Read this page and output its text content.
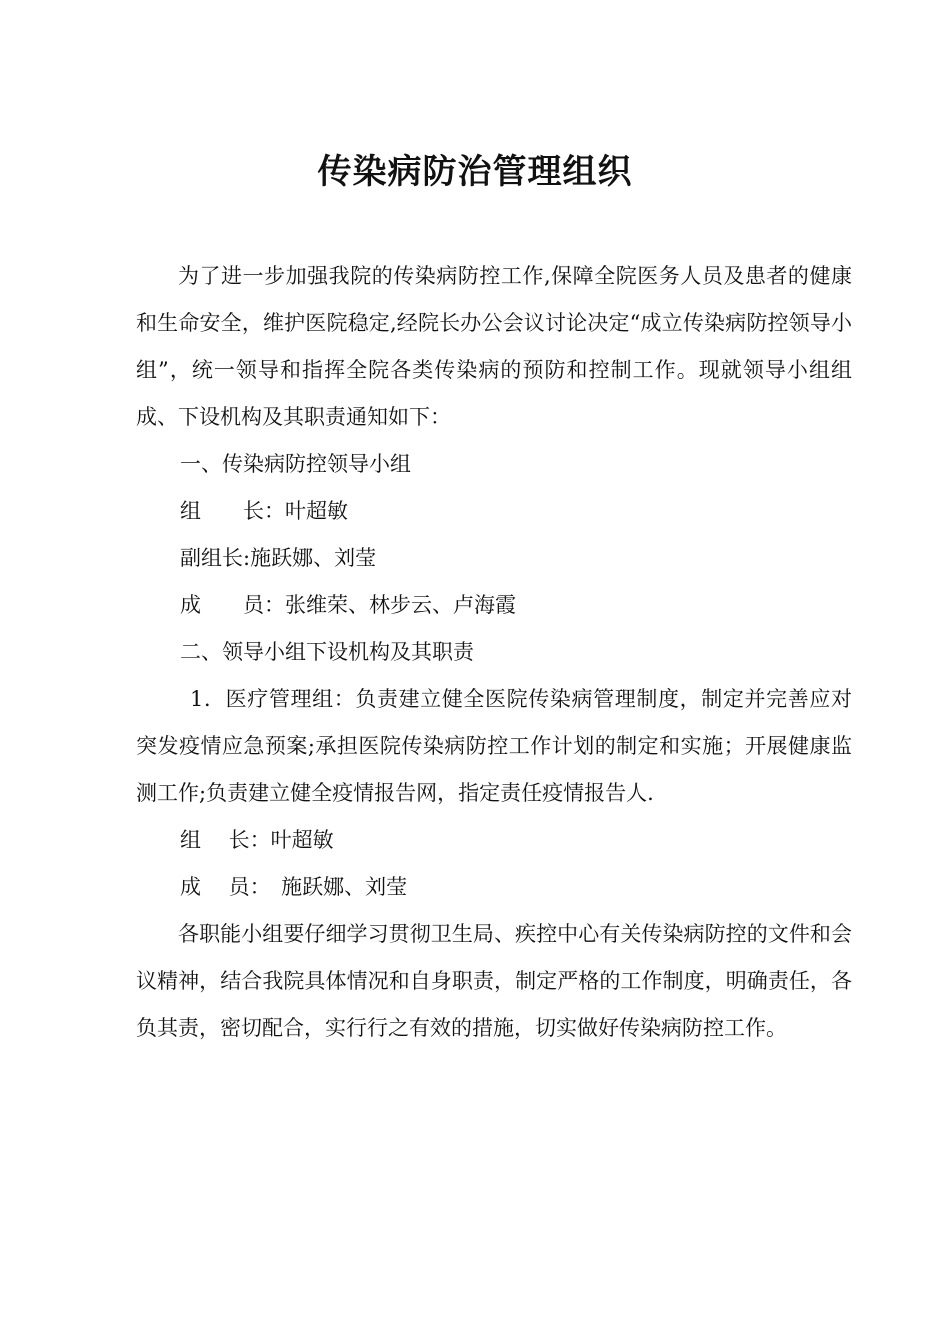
传染病防治管理组织

为了进一步加强我院的传染病防控工作,保障全院医务人员及患者的健康和生命安全，维护医院稳定,经院长办公会议讨论决定“成立传染病防控领导小组”，统一领导和指挥全院各类传染病的预防和控制工作。现就领导小组组成、下设机构及其职责通知如下：

一、传染病防控领导小组

组　　长：叶超敏

副组长:施跃娜、刘莹

成　　员：张维荣、林步云、卢海霞

二、领导小组下设机构及其职责

1．医疗管理组：负责建立健全医院传染病管理制度，制定并完善应对突发疫情应急预案;承担医院传染病防控工作计划的制定和实施；开展健康监测工作;负责建立健全疫情报告网，指定责任疫情报告人.

组　 长：叶超敏

成　 员：　施跃娜、刘莹

各职能小组要仔细学习贯彻卫生局、疾控中心有关传染病防控的文件和会议精神，结合我院具体情况和自身职责，制定严格的工作制度，明确责任，各负其责，密切配合，实行行之有效的措施，切实做好传染病防控工作。
